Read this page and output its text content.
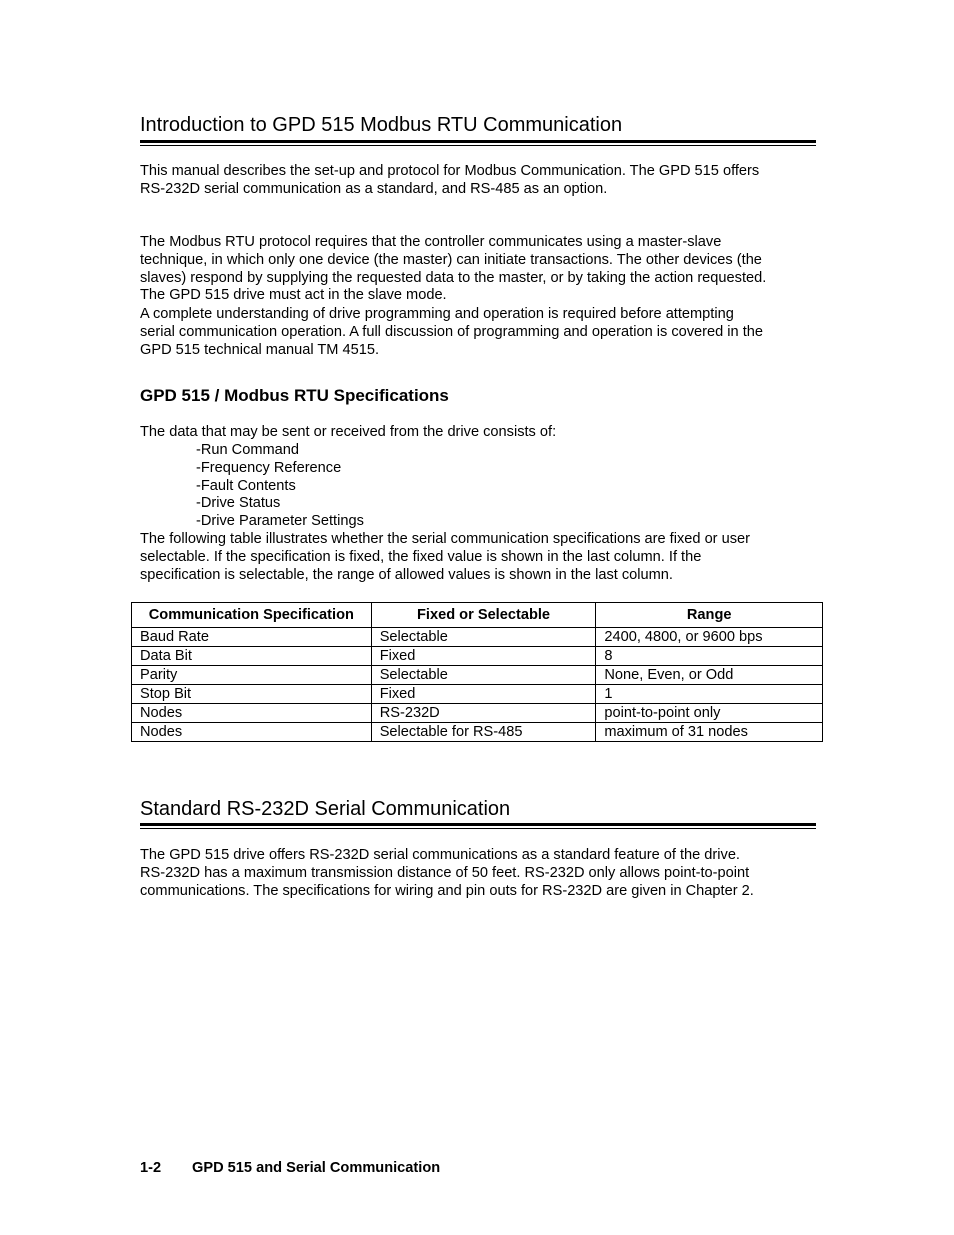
Introduction to GPD 515 Modbus RTU Communication
This manual describes the set-up and protocol for Modbus Communication. The GPD 515 offers
RS-232D serial communication as a standard, and RS-485 as an option.
The Modbus RTU protocol requires that the controller communicates using a master-slave
technique, in which only one device (the master) can initiate transactions. The other devices (the
slaves) respond by supplying the requested data to the master, or by taking the action requested.
The GPD 515 drive must act in the slave mode.
A complete understanding of drive programming and operation is required before attempting
serial communication operation. A full discussion of programming and operation is covered in the
GPD 515 technical manual TM 4515.
GPD 515 / Modbus RTU Specifications
The data that may be sent or received from the drive consists of:
-Run Command
-Frequency Reference
-Fault Contents
-Drive Status
-Drive Parameter Settings
The following table illustrates whether the serial communication specifications are fixed or user
selectable. If the specification is fixed, the fixed value is shown in the last column. If the
specification is selectable, the range of allowed values is shown in the last column.
Communication Specification	Fixed or Selectable	Range
Baud Rate	Selectable	2400, 4800, or 9600 bps
Data Bit	Fixed	8
Parity	Selectable	None, Even, or Odd
Stop Bit	Fixed	1
Nodes	RS-232D	point-to-point only
Nodes	Selectable for RS-485	maximum of 31 nodes
Standard RS-232D Serial Communication
The GPD 515 drive offers RS-232D serial communications as a standard feature of the drive.
RS-232D has a maximum transmission distance of 50 feet. RS-232D only allows point-to-point
communications. The specifications for wiring and pin outs for RS-232D are given in Chapter 2.
1-2 GPD 515 and Serial Communication
